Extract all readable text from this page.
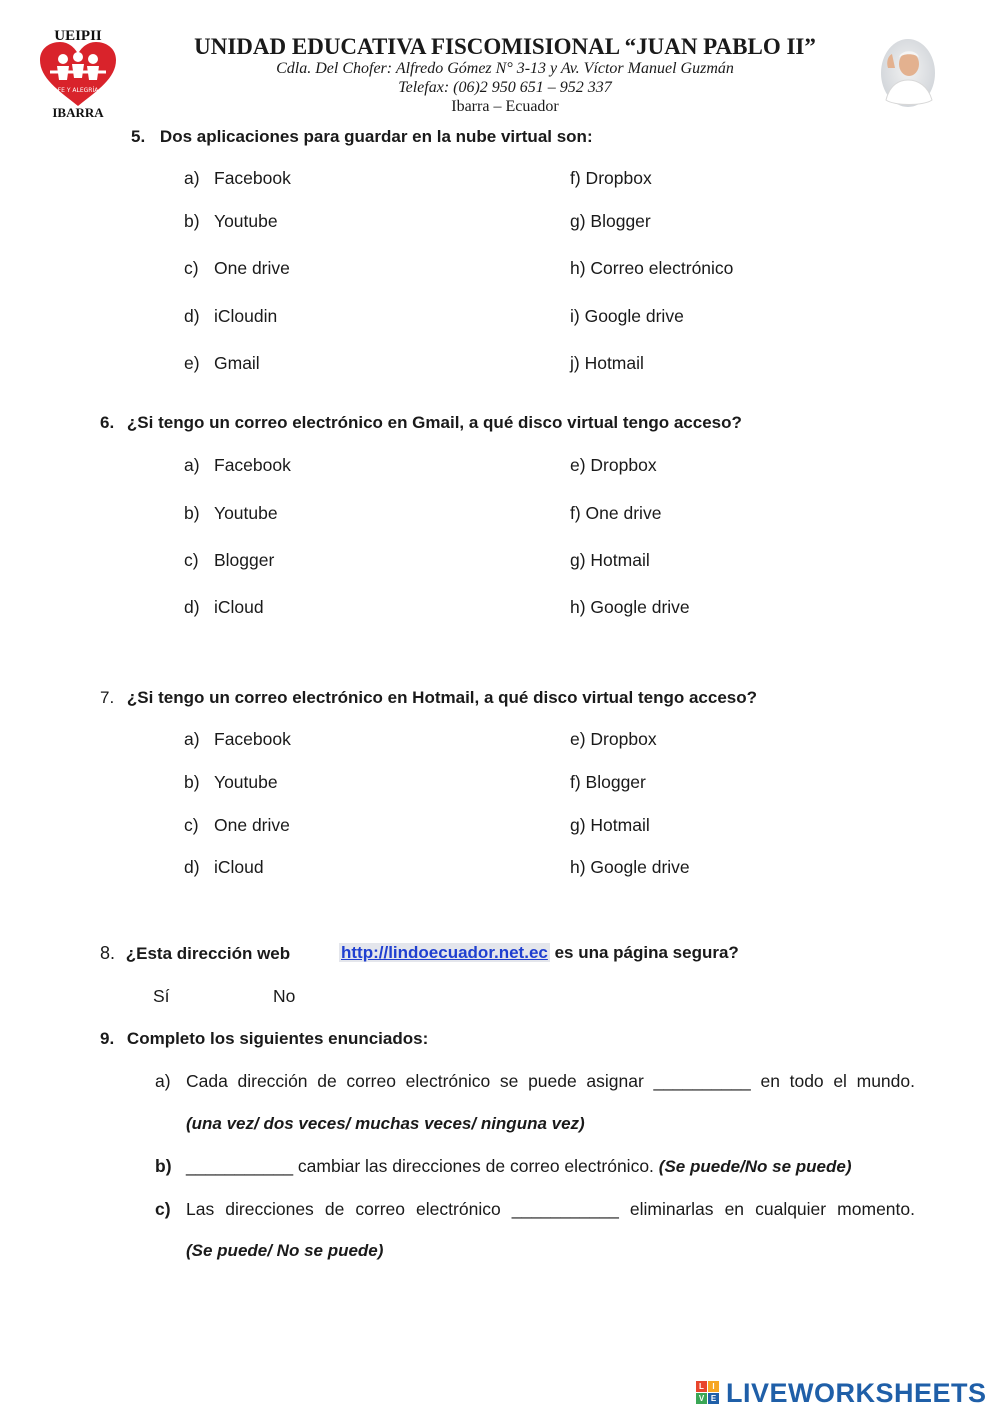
UEIPII
FE Y ALEGRÍA
IBARRA
UNIDAD EDUCATIVA FISCOMISIONAL “JUAN PABLO II”
Cdla. Del Chofer: Alfredo Gómez N° 3-13 y Av. Víctor Manuel Guzmán
Telefax: (06)2 950 651 – 952 337
Ibarra – Ecuador
5. Dos aplicaciones para guardar en la nube virtual son:
a) Facebook
b) Youtube
c) One drive
d) iCloudin
e) Gmail
f) Dropbox
g) Blogger
h) Correo electrónico
i) Google drive
j) Hotmail
6. ¿Si tengo un correo electrónico en Gmail, a qué disco virtual tengo acceso?
a) Facebook
b) Youtube
c) Blogger
d) iCloud
e) Dropbox
f) One drive
g) Hotmail
h) Google drive
7. ¿Si tengo un correo electrónico en Hotmail, a qué disco virtual tengo acceso?
a) Facebook
b) Youtube
c) One drive
d) iCloud
e) Dropbox
f) Blogger
g) Hotmail
h) Google drive
8. ¿Esta dirección web	http://lindoecuador.net.ec es una página segura?
Sí	No
9. Completo los siguientes enunciados:
a) Cada dirección de correo electrónico se puede asignar __________ en todo el mundo.
(una vez/ dos veces/ muchas veces/ ninguna vez)
b) ___________ cambiar las direcciones de correo electrónico. (Se puede/No se puede)
c) Las direcciones de correo electrónico ___________ eliminarlas en cualquier momento.
(Se puede/ No se puede)
L	I
V E LIVEWORKSHEETS
